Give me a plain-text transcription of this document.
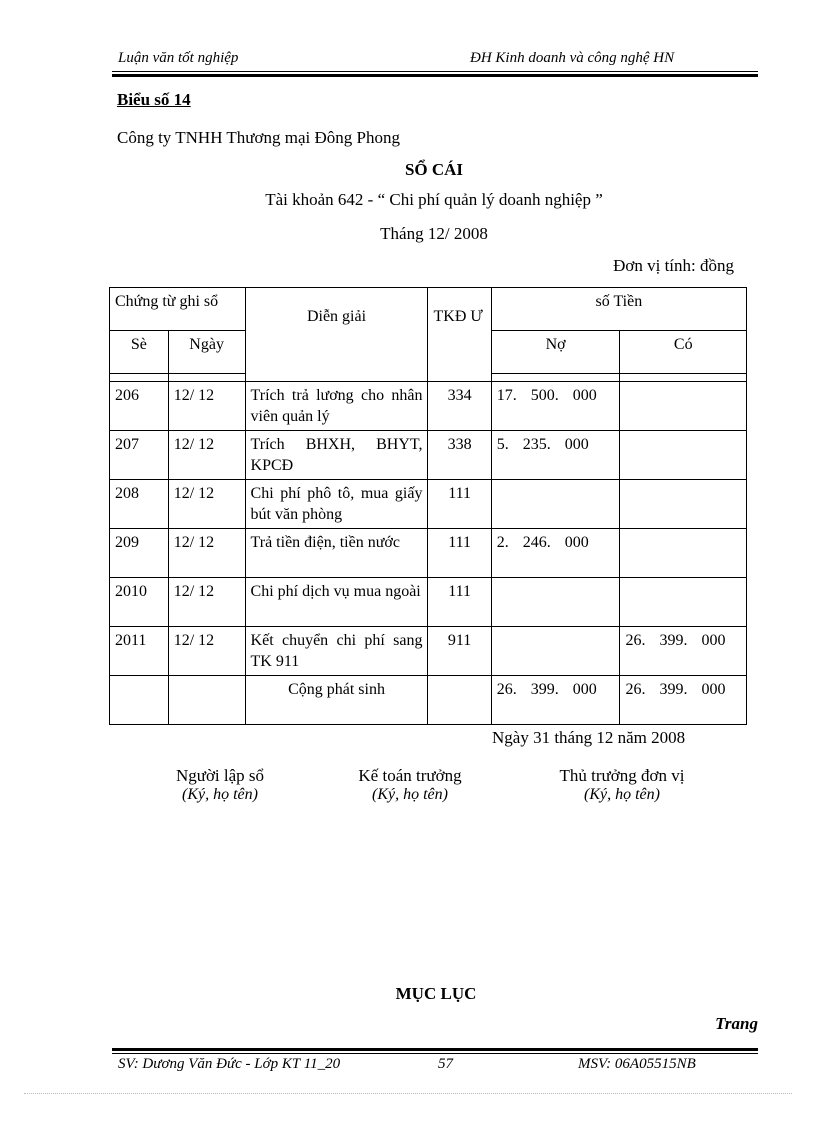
Luận văn tốt nghiệp	ĐH Kinh doanh và công nghệ HN
Biểu số 14
Công ty TNHH Thương mại Đông Phong
SỔ CÁI
Tài khoản 642 - “ Chi phí quản lý doanh nghiệp ”
Tháng 12/ 2008
Đơn vị tính: đồng
Chứng từ ghi sổ		Diễn giải	TKĐ Ư	số Tiền	
Sè	Ngày			Nợ	Có

206	12/ 12	Trích trả lương cho nhân viên quản lý	334	17. 500. 000	
207	12/ 12	Trích BHXH, BHYT, KPCĐ	338	5. 235. 000	
208	12/ 12	Chi phí phô tô, mua giấy bút văn phòng	111		
209	12/ 12	Trả tiền điện, tiền nước	111	2. 246. 000	
2010	12/ 12	Chi phí dịch vụ mua ngoài	111		
2011	12/ 12	Kết chuyển chi phí sang TK 911	911		26. 399. 000
		Cộng phát sinh		26. 399. 000	26. 399. 000
Ngày 31 tháng 12 năm 2008
Người lập sổ
(Ký, họ tên)
Kế toán trưởng
(Ký, họ tên)
Thủ trưởng đơn vị
(Ký, họ tên)
MỤC LỤC
Trang
SV: Dương Văn Đức - Lớp KT 11_20	57	MSV: 06A05515NB
